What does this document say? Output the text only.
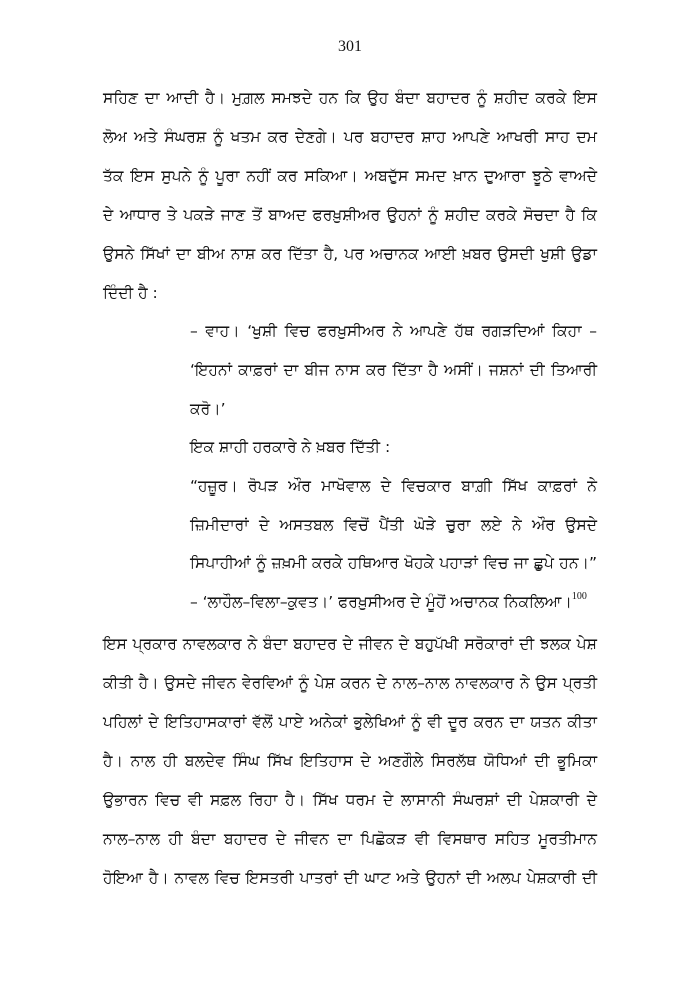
301
ਸਹਿਣ ਦਾ ਆਦੀ ਹੈ। ਮੁਗ਼ਲ ਸਮਝਦੇ ਹਨ ਕਿ ਉਹ ਬੰਦਾ ਬਹਾਦਰ ਨੂੰ ਸ਼ਹੀਦ ਕਰਕੇ ਇਸ
ਲੋਅ ਅਤੇ ਸੰਘਰਸ਼ ਨੂੰ ਖਤਮ ਕਰ ਦੇਣਗੇ। ਪਰ ਬਹਾਦਰ ਸ਼ਾਹ ਆਪਣੇ ਆਖਰੀ ਸਾਹ ਦਮ
ਤੱਕ ਇਸ ਸੁਪਨੇ ਨੂੰ ਪੂਰਾ ਨਹੀਂ ਕਰ ਸਕਿਆ। ਅਬਦੁੱਸ ਸਮਦ ਖ਼ਾਨ ਦੁਆਰਾ ਝੂਠੇ ਵਾਅਦੇ
ਦੇ ਆਧਾਰ ਤੇ ਪਕੜੇ ਜਾਣ ਤੋਂ ਬਾਅਦ ਫਰਖ਼ੁਸ਼ੀਅਰ ਉਹਨਾਂ ਨੂੰ ਸ਼ਹੀਦ ਕਰਕੇ ਸੋਚਦਾ ਹੈ ਕਿ
ਉਸਨੇ ਸਿੱਖਾਂ ਦਾ ਬੀਅ ਨਾਸ਼ ਕਰ ਦਿੱਤਾ ਹੈ, ਪਰ ਅਚਾਨਕ ਆਈ ਖ਼ਬਰ ਉਸਦੀ ਖੁਸ਼ੀ ਉਡਾ
ਦਿੰਦੀ ਹੈ :
– ਵਾਹ। ‘ਖੁਸ਼ੀ ਵਿਚ ਫਰਖ਼ੁਸੀਅਰ ਨੇ ਆਪਣੇ ਹੱਥ ਰਗੜਦਿਆਂ ਕਿਹਾ –
‘ਇਹਨਾਂ ਕਾਫ਼ਰਾਂ ਦਾ ਬੀਜ ਨਾਸ ਕਰ ਦਿੱਤਾ ਹੈ ਅਸੀਂ। ਜਸ਼ਨਾਂ ਦੀ ਤਿਆਰੀ
ਕਰੋ।’
ਇਕ ਸ਼ਾਹੀ ਹਰਕਾਰੇ ਨੇ ਖ਼ਬਰ ਦਿੱਤੀ :
“ਹਜ਼ੂਰ। ਰੋਪੜ ਔਰ ਮਾਖੋਵਾਲ ਦੇ ਵਿਚਕਾਰ ਬਾਗ਼ੀ ਸਿੱਖ ਕਾਫ਼ਰਾਂ ਨੇ
ਜ਼ਿਮੀਦਾਰਾਂ ਦੇ ਅਸਤਬਲ ਵਿਚੋਂ ਪੈਂਤੀ ਘੋੜੇ ਚੁਰਾ ਲਏ ਨੇ ਔਰ ਉਸਦੇ
ਸਿਪਾਹੀਆਂ ਨੂੰ ਜ਼ਖ਼ਮੀ ਕਰਕੇ ਹਥਿਆਰ ਖੋਹਕੇ ਪਹਾੜਾਂ ਵਿਚ ਜਾ ਛੁਪੇ ਹਨ।”
– ‘ਲਾਹੌਲ–ਵਿਲਾ–ਕੁਵਤ।’ ਫਰਖ਼ੁਸੀਅਰ ਦੇ ਮੂੰਹੋਂ ਅਚਾਨਕ ਨਿਕਲਿਆ।$^{100}$
ਇਸ ਪ੍ਰਕਾਰ ਨਾਵਲਕਾਰ ਨੇ ਬੰਦਾ ਬਹਾਦਰ ਦੇ ਜੀਵਨ ਦੇ ਬਹੁਪੱਖੀ ਸਰੋਕਾਰਾਂ ਦੀ ਝਲਕ ਪੇਸ਼
ਕੀਤੀ ਹੈ। ਉਸਦੇ ਜੀਵਨ ਵੇਰਵਿਆਂ ਨੂੰ ਪੇਸ਼ ਕਰਨ ਦੇ ਨਾਲ–ਨਾਲ ਨਾਵਲਕਾਰ ਨੇ ਉਸ ਪ੍ਰਤੀ
ਪਹਿਲਾਂ ਦੇ ਇਤਿਹਾਸਕਾਰਾਂ ਵੱਲੋਂ ਪਾਏ ਅਨੇਕਾਂ ਭੁਲੇਖਿਆਂ ਨੂੰ ਵੀ ਦੂਰ ਕਰਨ ਦਾ ਯਤਨ ਕੀਤਾ
ਹੈ। ਨਾਲ ਹੀ ਬਲਦੇਵ ਸਿੰਘ ਸਿੱਖ ਇਤਿਹਾਸ ਦੇ ਅਣਗੌਲੇ ਸਿਰਲੱਥ ਯੋਧਿਆਂ ਦੀ ਭੂਮਿਕਾ
ਉਭਾਰਨ ਵਿਚ ਵੀ ਸਫ਼ਲ ਰਿਹਾ ਹੈ। ਸਿੱਖ ਧਰਮ ਦੇ ਲਾਸਾਨੀ ਸੰਘਰਸ਼ਾਂ ਦੀ ਪੇਸ਼ਕਾਰੀ ਦੇ
ਨਾਲ–ਨਾਲ ਹੀ ਬੰਦਾ ਬਹਾਦਰ ਦੇ ਜੀਵਨ ਦਾ ਪਿਛੋਕੜ ਵੀ ਵਿਸਥਾਰ ਸਹਿਤ ਮੂਰਤੀਮਾਨ
ਹੋਇਆ ਹੈ। ਨਾਵਲ ਵਿਚ ਇਸਤਰੀ ਪਾਤਰਾਂ ਦੀ ਘਾਟ ਅਤੇ ਉਹਨਾਂ ਦੀ ਅਲਪ ਪੇਸ਼ਕਾਰੀ ਦੀ
